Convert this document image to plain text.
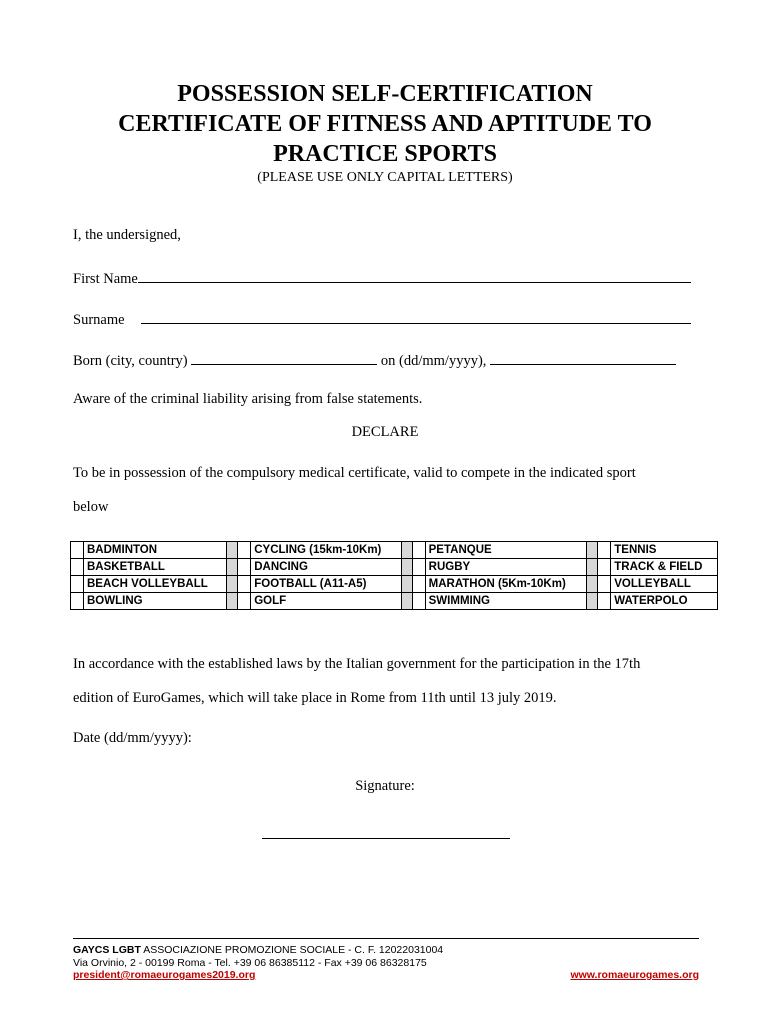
POSSESSION SELF-CERTIFICATION
CERTIFICATE OF FITNESS AND APTITUDE TO
PRACTICE SPORTS
(PLEASE USE ONLY CAPITAL LETTERS)
I, the undersigned,
First Name
Surname
Born (city, country)	on (dd/mm/yyyy),
Aware of the criminal liability arising from false statements.
DECLARE
To be in possession of the compulsory medical certificate, valid to compete in the indicated sport
below
	BADMINTON			CYCLING (15km-10Km)			PETANQUE			TENNIS
	BASKETBALL			DANCING			RUGBY			TRACK & FIELD
	BEACH VOLLEYBALL			FOOTBALL (A11-A5)			MARATHON (5Km-10Km)			VOLLEYBALL
	BOWLING			GOLF			SWIMMING			WATERPOLO
In accordance with the established laws by the Italian government for the participation in the 17th
edition of EuroGames, which will take place in Rome from 11th until 13 july 2019.
Date (dd/mm/yyyy):
Signature:
GAYCS LGBT ASSOCIAZIONE PROMOZIONE SOCIALE - C. F. 12022031004
Via Orvinio, 2 - 00199 Roma - Tel. +39 06 86385112 - Fax +39 06 86328175
president@romaeurogames2019.org	www.romaeurogames.org
